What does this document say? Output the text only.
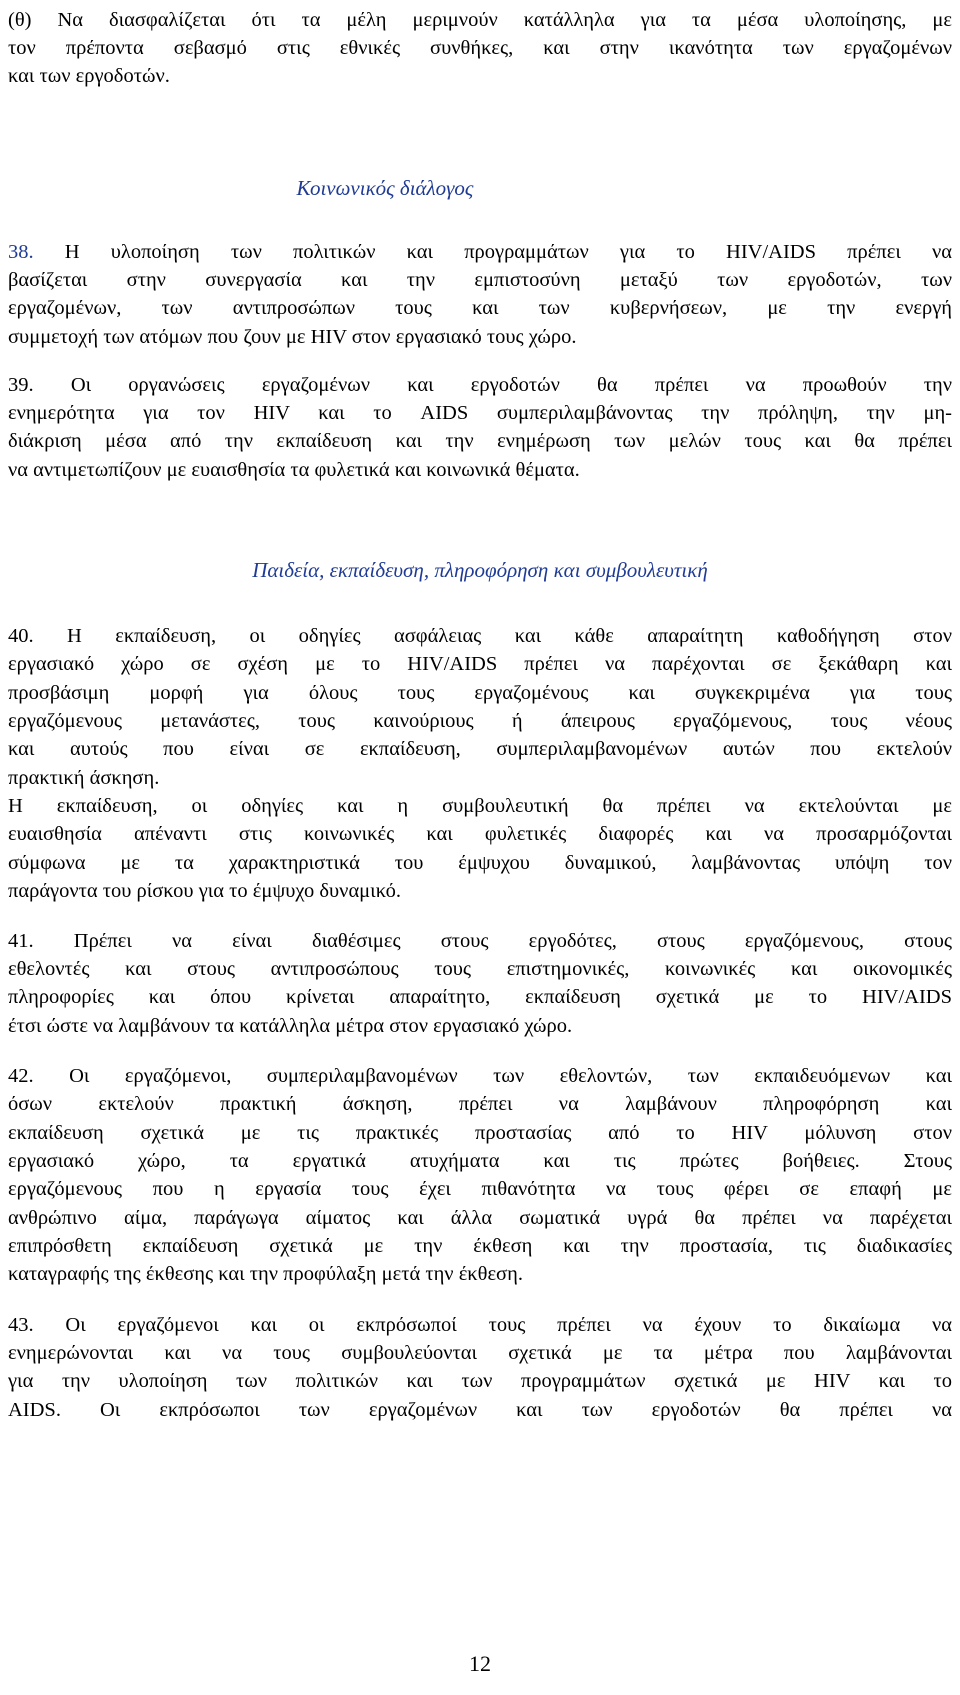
(θ) Να διασφαλίζεται ότι τα μέλη μεριμνούν κατάλληλα για τα μέσα υλοποίησης, με
τον πρέποντα σεβασμό στις εθνικές συνθήκες, και στην ικανότητα των εργαζομένων
και των εργοδοτών.
Κοινωνικός διάλογος
38. Η υλοποίηση των πολιτικών και προγραμμάτων για το HIV/AIDS πρέπει να
βασίζεται στην συνεργασία και την εμπιστοσύνη μεταξύ των εργοδοτών, των
εργαζομένων, των αντιπροσώπων τους και των κυβερνήσεων, με την ενεργή
συμμετοχή των ατόμων που ζουν με HIV στον εργασιακό τους χώρο.
39. Οι οργανώσεις εργαζομένων και εργοδοτών θα πρέπει να προωθούν την
ενημερότητα για τον HIV και το AIDS συμπεριλαμβάνοντας την πρόληψη, την μη-
διάκριση μέσα από την εκπαίδευση και την ενημέρωση των μελών τους και θα πρέπει
να αντιμετωπίζουν με ευαισθησία τα φυλετικά και κοινωνικά θέματα.
Παιδεία, εκπαίδευση, πληροφόρηση και συμβουλευτική
40. Η εκπαίδευση, οι οδηγίες ασφάλειας και κάθε απαραίτητη καθοδήγηση στον
εργασιακό χώρο σε σχέση με το HIV/AIDS πρέπει να παρέχονται σε ξεκάθαρη και
προσβάσιμη μορφή για όλους τους εργαζομένους και συγκεκριμένα για τους
εργαζόμενους μετανάστες, τους καινούριους ή άπειρους εργαζόμενους, τους νέους
και αυτούς που είναι σε εκπαίδευση, συμπεριλαμβανομένων αυτών που εκτελούν
πρακτική άσκηση.
Η εκπαίδευση, οι οδηγίες και η συμβουλευτική θα πρέπει να εκτελούνται με
ευαισθησία απέναντι στις κοινωνικές και φυλετικές διαφορές και να προσαρμόζονται
σύμφωνα με τα χαρακτηριστικά του έμψυχου δυναμικού, λαμβάνοντας υπόψη τον
παράγοντα του ρίσκου για το έμψυχο δυναμικό.
41. Πρέπει να είναι διαθέσιμες στους εργοδότες, στους εργαζόμενους, στους
εθελοντές και στους αντιπροσώπους τους επιστημονικές, κοινωνικές και οικονομικές
πληροφορίες και όπου κρίνεται απαραίτητο, εκπαίδευση σχετικά με το HIV/AIDS
έτσι ώστε να λαμβάνουν τα κατάλληλα μέτρα στον εργασιακό χώρο.
42. Οι εργαζόμενοι, συμπεριλαμβανομένων των εθελοντών, των εκπαιδευόμενων και
όσων εκτελούν πρακτική άσκηση, πρέπει να λαμβάνουν πληροφόρηση και
εκπαίδευση σχετικά με τις πρακτικές προστασίας από το HIV μόλυνση στον
εργασιακό χώρο, τα εργατικά ατυχήματα και τις πρώτες βοήθειες. Στους
εργαζόμενους που η εργασία τους έχει πιθανότητα να τους φέρει σε επαφή με
ανθρώπινο αίμα, παράγωγα αίματος και άλλα σωματικά υγρά θα πρέπει να παρέχεται
επιπρόσθετη εκπαίδευση σχετικά με την έκθεση και την προστασία, τις διαδικασίες
καταγραφής της έκθεσης και την προφύλαξη μετά την έκθεση.
43. Οι εργαζόμενοι και οι εκπρόσωποί τους πρέπει να έχουν το δικαίωμα να
ενημερώνονται και να τους συμβουλεύονται σχετικά με τα μέτρα που λαμβάνονται
για την υλοποίηση των πολιτικών και των προγραμμάτων σχετικά με HIV και το
AIDS. Οι εκπρόσωποι των εργαζομένων και των εργοδοτών θα πρέπει να
12
